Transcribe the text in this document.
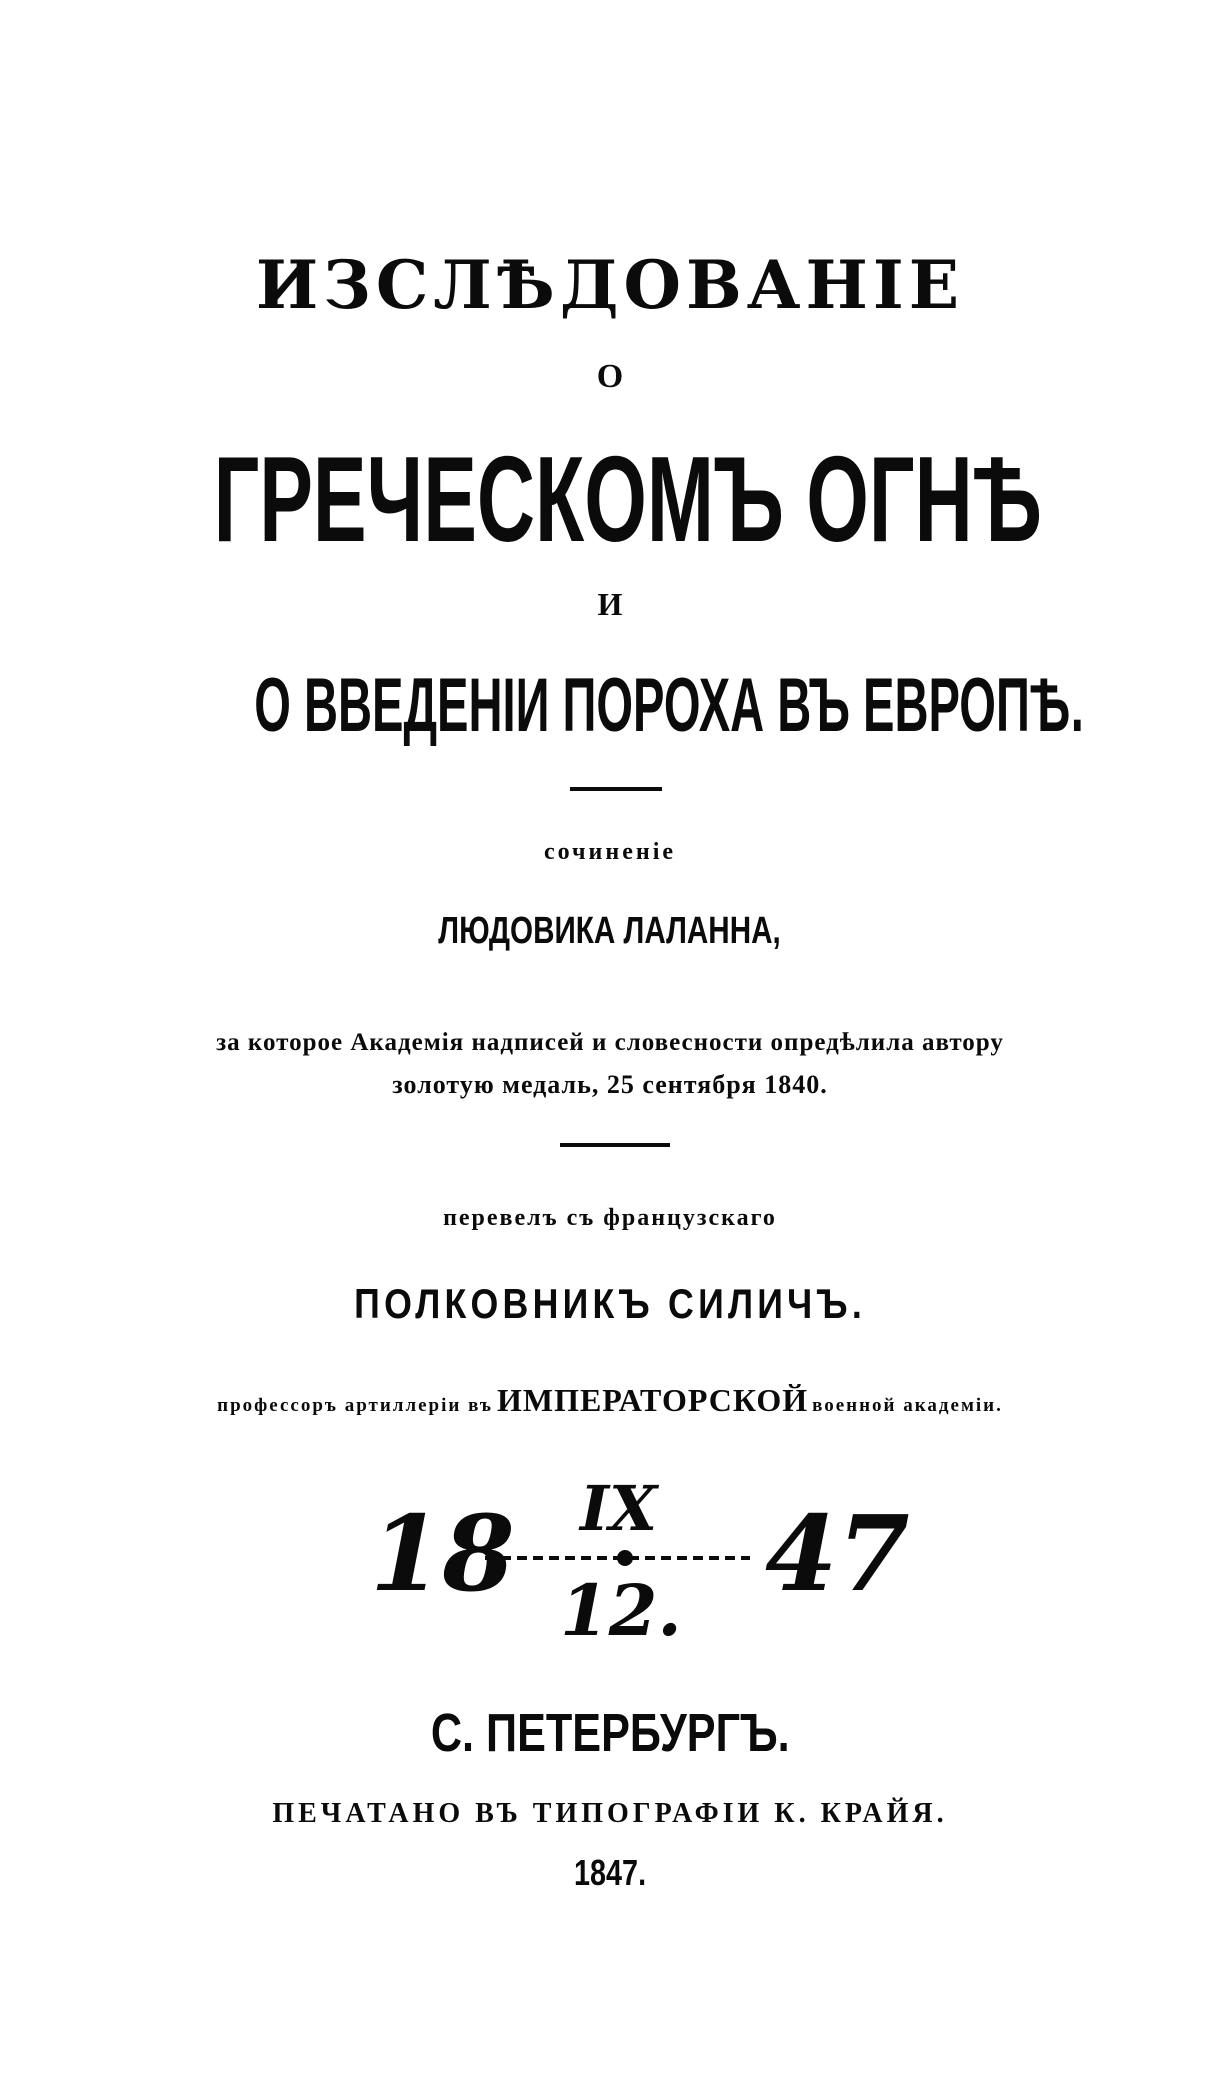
ИЗСЛѢДОВАНІЕ
О
ГРЕЧЕСКОМЪ ОГНѢ
И
О ВВЕДЕНІИ ПОРОХА ВЪ ЕВРОПѢ.
сочиненіе
ЛЮДОВИКА ЛАЛАННА,
за которое Академія надписей и словесности опредѣлила автору
золотую медаль, 25 сентября 1840.
перевелъ съ французскаго
ПОЛКОВНИКЪ СИЛИЧЪ.
профессоръ артиллеріи въ ИМПЕРАТОРСКОЙ военной академіи.
18 IX
12. 47
С. ПЕТЕРБУРГЪ.
ПЕЧАТАНО ВЪ ТИПОГРАФІИ К. КРАЙЯ.
1847.
